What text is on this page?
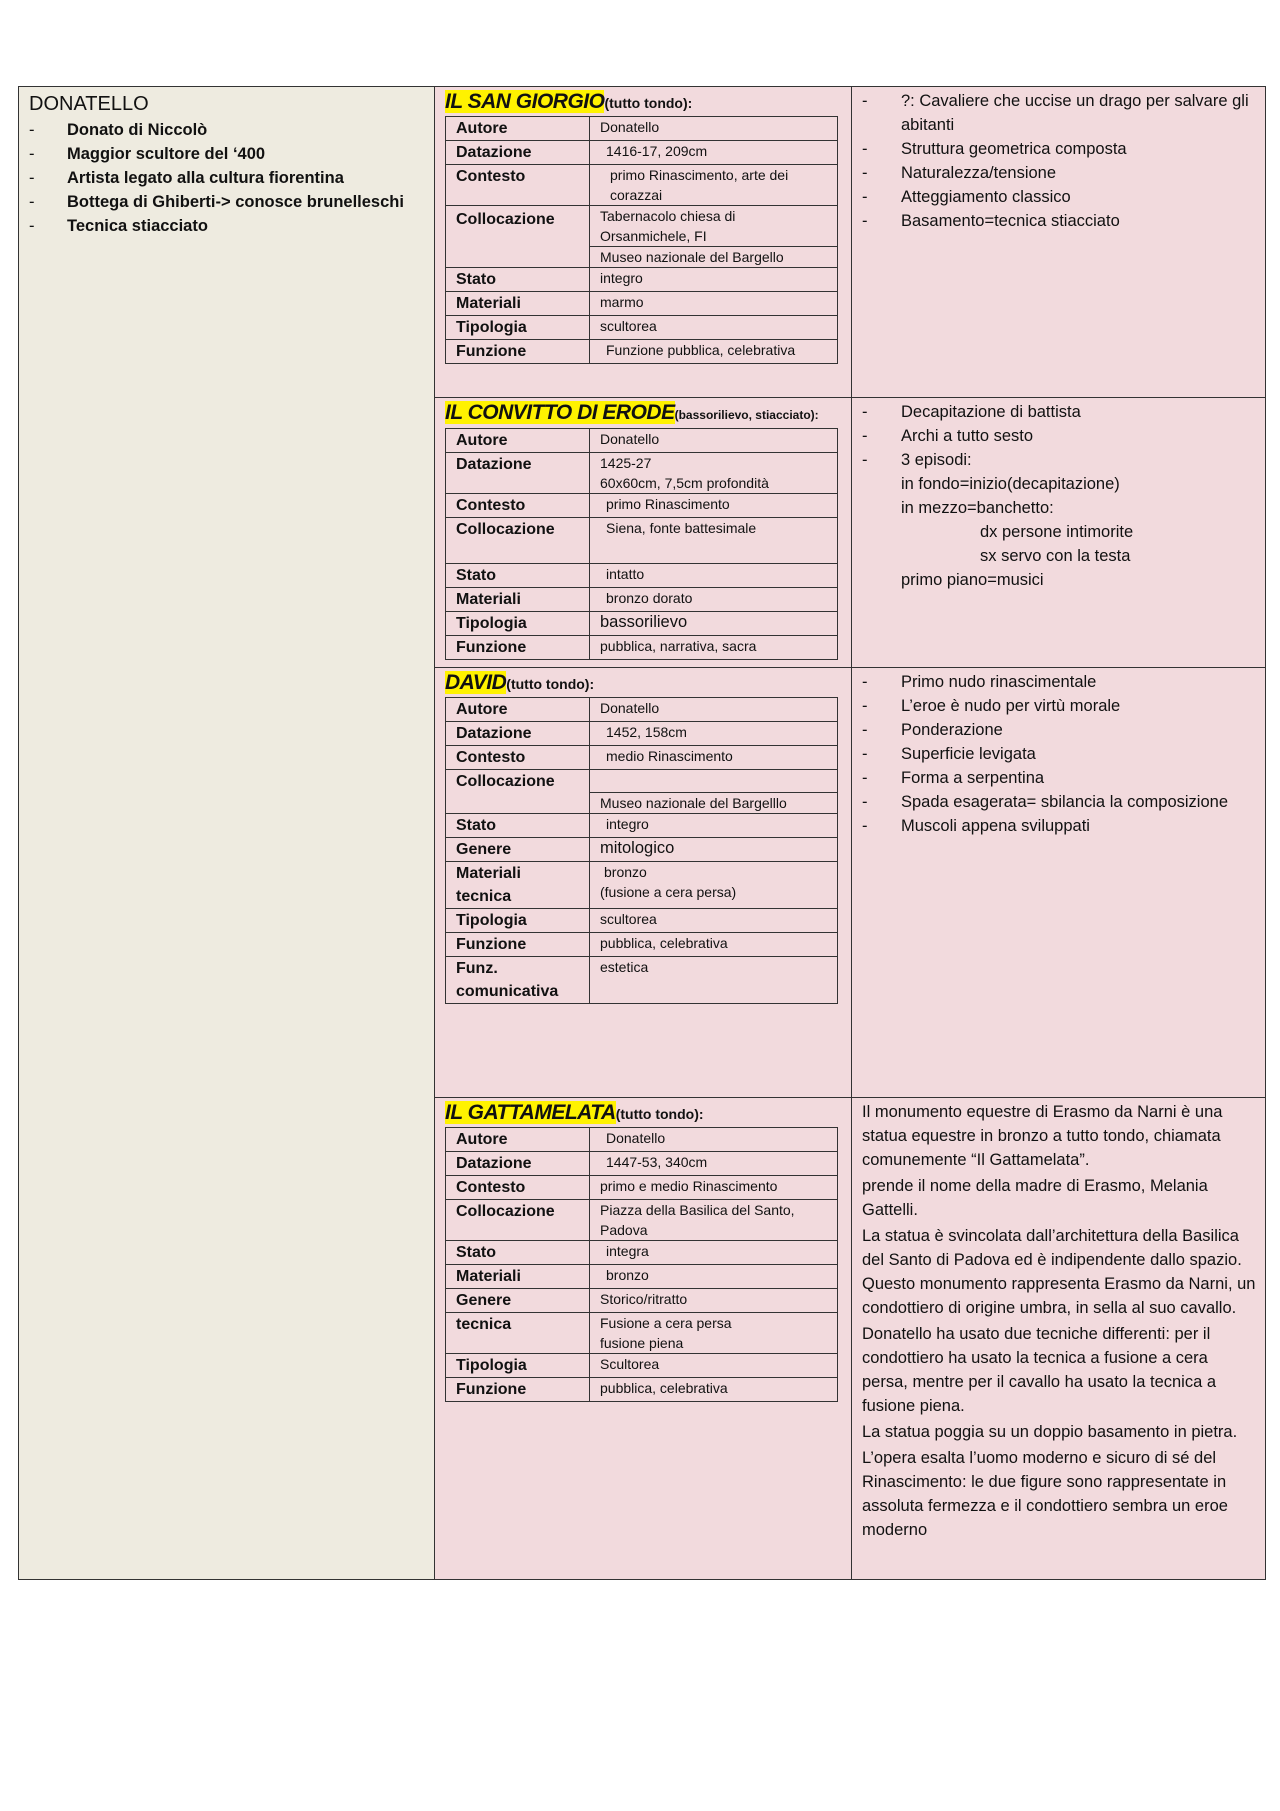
DONATELLO
-	Donato di Niccolò
-	Maggior scultore del ‘400
-	Artista legato alla cultura fiorentina
-	Bottega di Ghiberti-> conosce brunelleschi
-	Tecnica stiacciato

IL SAN GIORGIO(tutto tondo):
Autore	Donatello
Datazione	1416-17, 209cm
Contesto	primo Rinascimento, arte dei corazzai
Collocazione	Tabernacolo chiesa di Orsanmichele, FI
Museo nazionale del Bargello
Stato	integro
Materiali	marmo
Tipologia	scultorea
Funzione	Funzione pubblica, celebrativa

-	?: Cavaliere che uccise un drago per salvare gli abitanti
-	Struttura geometrica composta
-	Naturalezza/tensione
-	Atteggiamento classico
-	Basamento=tecnica stiacciato

IL CONVITTO DI ERODE(bassorilievo, stiacciato):
Autore	Donatello
Datazione	1425-27
60x60cm, 7,5cm profondità

Contesto	primo Rinascimento
Collocazione	Siena, fonte battesimale
Stato	intatto
Materiali	bronzo dorato
Tipologia	bassorilievo
Funzione	pubblica, narrativa, sacra

-	Decapitazione di battista
-	Archi a tutto sesto
-	3 episodi:
in fondo=inizio(decapitazione)
in mezzo=banchetto:
dx persone intimorite
sx servo con la testa
primo piano=musici

DAVID(tutto tondo):
Autore	Donatello
Datazione	1452, 158cm
Contesto	medio Rinascimento
Collocazione	
Museo nazionale del Bargelllo
Stato	integro
Genere	mitologico
Materiali tecnica	
bronzo
(fusione a cera persa)

Tipologia	scultorea
Funzione	pubblica, celebrativa
Funz. comunicativa	estetica

-	Primo nudo rinascimentale
-	L’eroe è nudo per virtù morale
-	Ponderazione
-	Superficie levigata
-	Forma a serpentina
-	Spada esagerata= sbilancia la composizione
-	Muscoli appena sviluppati

IL GATTAMELATA(tutto tondo):
Autore	Donatello
Datazione	1447-53, 340cm
Contesto	primo e medio Rinascimento
Collocazione	Piazza della Basilica del Santo, Padova
Stato	integra
Materiali	bronzo
Genere	Storico/ritratto
tecnica	Fusione a cera persa
fusione piena

Tipologia	Scultorea
Funzione	pubblica, celebrativa

Il monumento equestre di Erasmo da Narni è una statua equestre in bronzo a tutto tondo, chiamata comunemente “Il Gattamelata”.

prende il nome della madre di Erasmo, Melania Gattelli.

La statua è svincolata dall’architettura della Basilica del Santo di Padova ed è indipendente dallo spazio. Questo monumento rappresenta Erasmo da Narni, un condottiero di origine umbra, in sella al suo cavallo.

Donatello ha usato due tecniche differenti: per il condottiero ha usato la tecnica a fusione a cera persa, mentre per il cavallo ha usato la tecnica a fusione piena.

La statua poggia su un doppio basamento in pietra.

L’opera esalta l’uomo moderno e sicuro di sé del Rinascimento: le due figure sono rappresentate in assoluta fermezza e il condottiero sembra un eroe moderno
